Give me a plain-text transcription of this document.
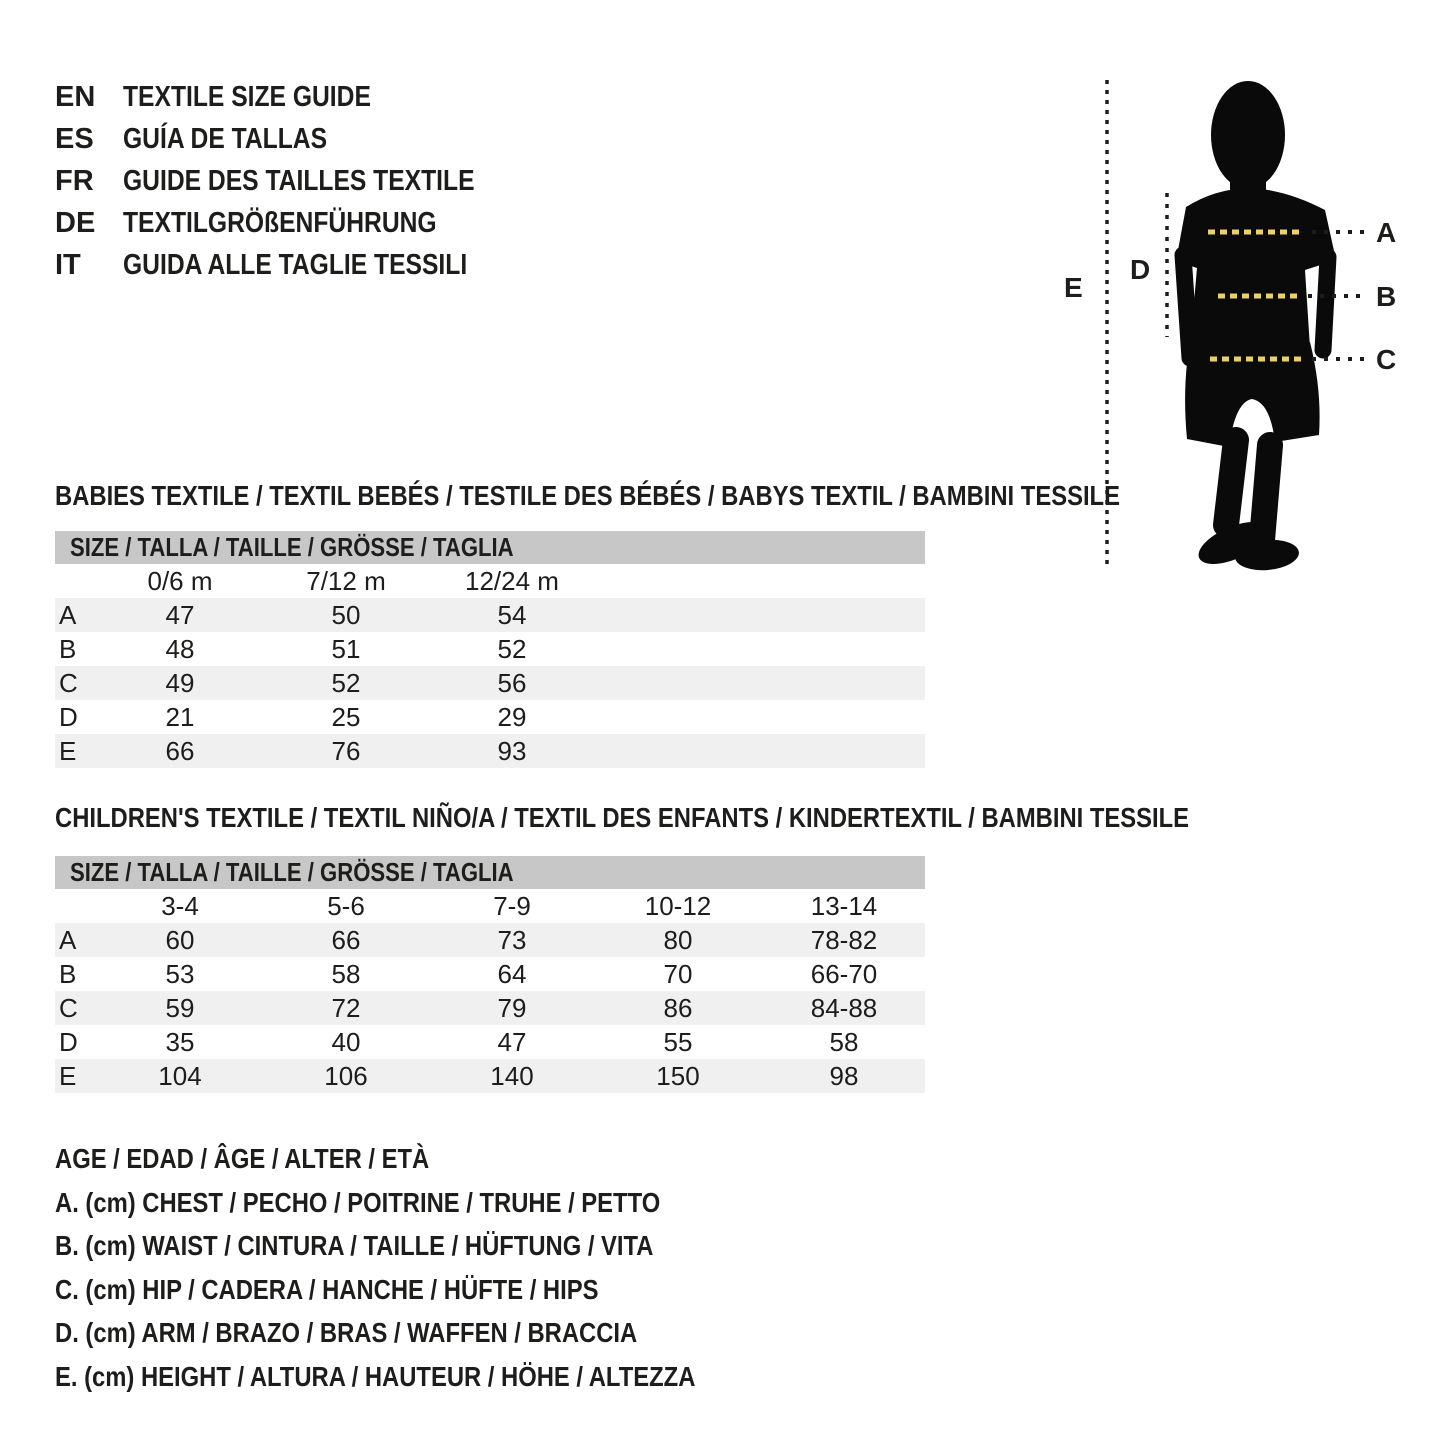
EN TEXTILE SIZE GUIDE
ES	GUÍA DE TALLAS
FR	GUIDE DES TAILLES TEXTILE
DE TEXTILGRÖßENFÜHRUNG
IT	GUIDA ALLE TAGLIE TESSILI
A
B
C
D
E
BABIES TEXTILE / TEXTIL BEBÉS / TESTILE DES BÉBÉS / BABYS TEXTIL / BAMBINI TESSILE
SIZE / TALLA / TAILLE / GRÖSSE / TAGLIA
0/6 m	7/12 m	12/24 m
A	47	50	54
B	48	51	52
C	49	52	56
D	21	25	29
E	66	76	93
CHILDREN'S TEXTILE / TEXTIL NIÑO/A / TEXTIL DES ENFANTS / KINDERTEXTIL / BAMBINI TESSILE
SIZE / TALLA / TAILLE / GRÖSSE / TAGLIA
3-4	5-6	7-9	10-12	13-14
A	60	66	73	80	78-82
B	53	58	64	70	66-70
C	59	72	79	86	84-88
D	35	40	47	55	58
E	104	106	140	150	98
AGE / EDAD / ÂGE / ALTER / ETÀ
A. (cm) CHEST / PECHO / POITRINE / TRUHE / PETTO
B. (cm) WAIST / CINTURA / TAILLE / HÜFTUNG / VITA
C. (cm) HIP / CADERA / HANCHE / HÜFTE / HIPS
D. (cm) ARM / BRAZO / BRAS / WAFFEN / BRACCIA
E. (cm) HEIGHT / ALTURA / HAUTEUR / HÖHE / ALTEZZA
